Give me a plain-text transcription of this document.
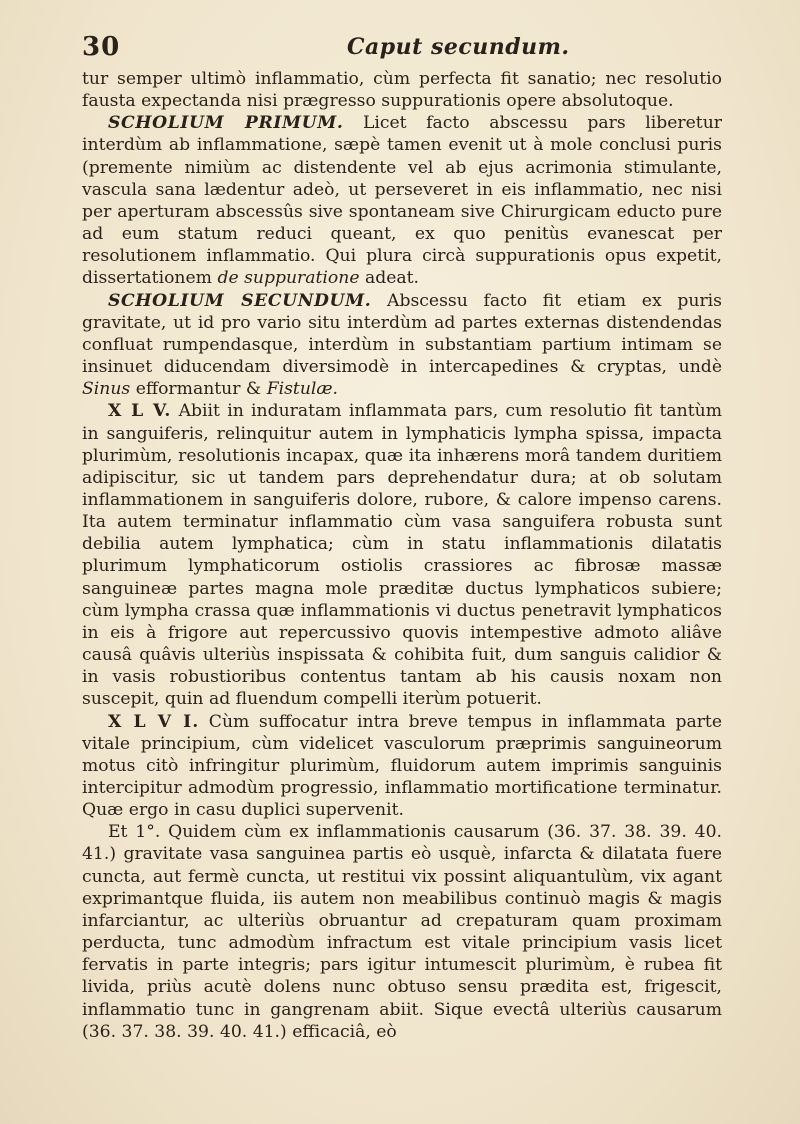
30	Caput secundum.

tur semper ultimò inflammatio, cùm perfecta fit sanatio; nec resolutio fausta expectanda nisi prægresso suppurationis opere absolutoque.

SCHOLIUM PRIMUM. Licet facto abscessu pars liberetur interdùm ab inflammatione, sæpè tamen evenit ut à mole conclusi puris (premente nimiùm ac distendente vel ab ejus acrimonia stimulante, vascula sana lædentur adeò, ut perseveret in eis inflammatio, nec nisi per aperturam abscessûs sive spontaneam sive Chirurgicam educto pure ad eum statum reduci queant, ex quo penitùs evanescat per resolutionem inflammatio. Qui plura circà suppurationis opus expetit, dissertationem de suppuratione adeat.

SCHOLIUM SECUNDUM. Abscessu facto fit etiam ex puris gravitate, ut id pro vario situ interdùm ad partes externas distendendas confluat rumpendasque, interdùm in substantiam partium intimam se insinuet diducendam diversimodè in intercapedines & cryptas, undè Sinus efformantur & Fistulæ.

X L V. Abiit in induratam inflammata pars, cum resolutio fit tantùm in sanguiferis, relinquitur autem in lymphaticis lympha spissa, impacta plurimùm, resolutionis incapax, quæ ita inhærens morâ tandem duritiem adipiscitur, sic ut tandem pars deprehendatur dura; at ob solutam inflammationem in sanguiferis dolore, rubore, & calore impenso carens. Ita autem terminatur inflammatio cùm vasa sanguifera robusta sunt debilia autem lymphatica; cùm in statu inflammationis dilatatis plurimum lymphaticorum ostiolis crassiores ac fibrosæ massæ sanguineæ partes magna mole præditæ ductus lymphaticos subiere; cùm lympha crassa quæ inflammationis vi ductus penetravit lymphaticos in eis à frigore aut repercussivo quovis intempestive admoto aliâve causâ quâvis ulteriùs inspissata & cohibita fuit, dum sanguis calidior & in vasis robustioribus contentus tantam ab his causis noxam non suscepit, quin ad fluendum compelli iterùm potuerit.

X L V I. Cùm suffocatur intra breve tempus in inflammata parte vitale principium, cùm videlicet vasculorum præprimis sanguineorum motus citò infringitur plurimùm, fluidorum autem imprimis sanguinis intercipitur admodùm progressio, inflammatio mortificatione terminatur. Quæ ergo in casu duplici supervenit.

Et 1°. Quidem cùm ex inflammationis causarum (36. 37. 38. 39. 40. 41.) gravitate vasa sanguinea partis eò usquè, infarcta & dilatata fuere cuncta, aut fermè cuncta, ut restitui vix possint aliquantulùm, vix agant exprimantque fluida, iis autem non meabilibus continuò magis & magis infarciantur, ac ulteriùs obruantur ad crepaturam quam proximam perducta, tunc admodùm infractum est vitale principium vasis licet fervatis in parte integris; pars igitur intumescit plurimùm, è rubea fit livida, priùs acutè dolens nunc obtuso sensu prædita est, frigescit, inflammatio tunc in gangrenam abiit. Sique evectâ ulteriùs causarum (36. 37. 38. 39. 40. 41.) efficaciâ, eò
